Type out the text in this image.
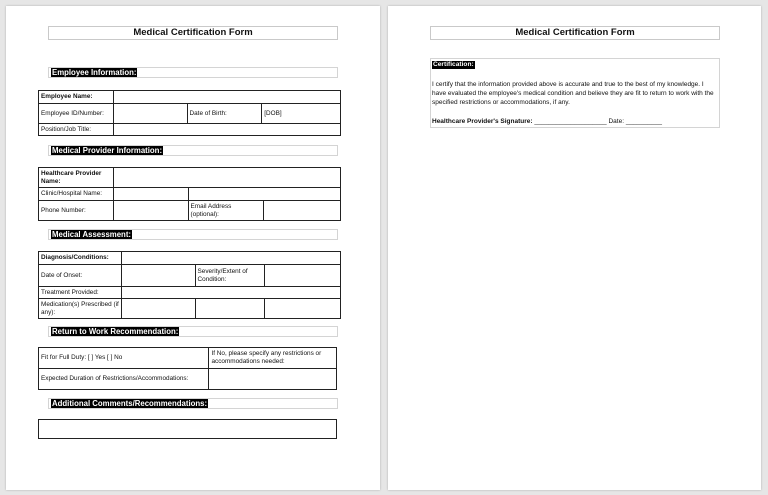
Medical Certification Form
Employee Information:
Employee Name:			
Employee ID/Number:		Date of Birth:	[DOB]
Position/Job Title:			
Medical Provider Information:
Healthcare Provider Name:			
Clinic/Hospital Name:			
Phone Number:		Email Address (optional):	
Medical Assessment:
Diagnosis/Conditions:			
Date of Onset:		Severity/Extent of Condition:	
Treatment Provided:			
Medication(s) Prescribed (if any):			
Return to Work Recommendation:
Fit for Full Duty: [ ] Yes [ ] No	If No, please specify any restrictions or accommodations needed:
Expected Duration of Restrictions/Accommodations:	
Additional Comments/Recommendations:
Medical Certification Form
Certification:
I certify that the information provided above is accurate and true to the best of my knowledge. I have evaluated the employee's medical condition and believe they are fit to return to work with the specified restrictions or accommodations, if any.
Healthcare Provider's Signature: ____________________ Date: __________
